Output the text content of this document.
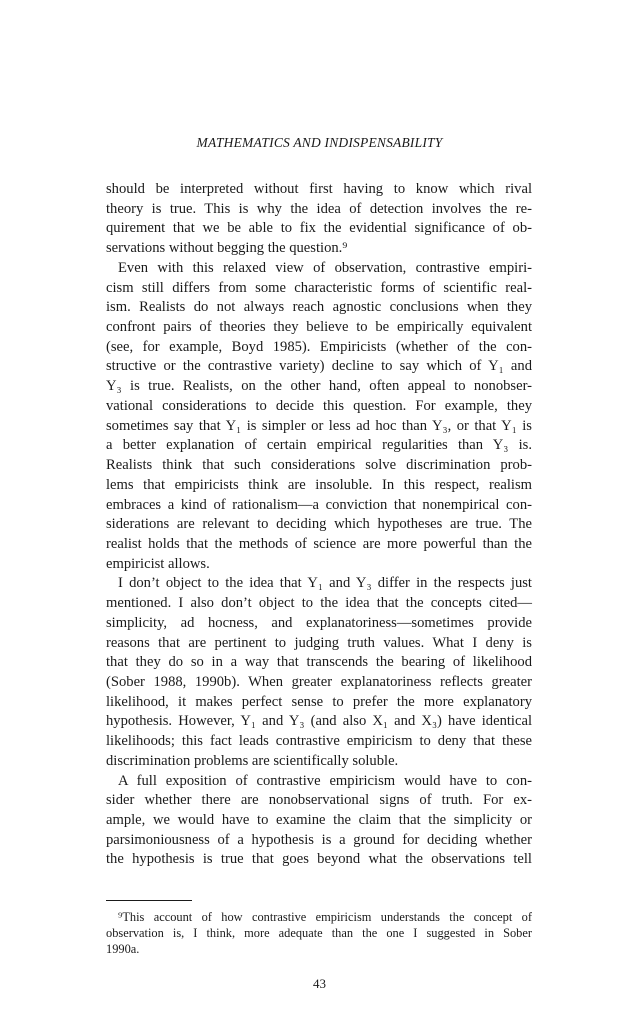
MATHEMATICS AND INDISPENSABILITY
should be interpreted without first having to know which rival
theory is true. This is why the idea of detection involves the re-
quirement that we be able to fix the evidential significance of ob-
servations without begging the question.⁹
Even with this relaxed view of observation, contrastive empiri-
cism still differs from some characteristic forms of scientific real-
ism. Realists do not always reach agnostic conclusions when they
confront pairs of theories they believe to be empirically equivalent
(see, for example, Boyd 1985). Empiricists (whether of the con-
structive or the contrastive variety) decline to say which of Y₁ and
Y₃ is true. Realists, on the other hand, often appeal to nonobser-
vational considerations to decide this question. For example, they
sometimes say that Y₁ is simpler or less ad hoc than Y₃, or that Y₁ is
a better explanation of certain empirical regularities than Y₃ is.
Realists think that such considerations solve discrimination prob-
lems that empiricists think are insoluble. In this respect, realism
embraces a kind of rationalism—a conviction that nonempirical con-
siderations are relevant to deciding which hypotheses are true. The
realist holds that the methods of science are more powerful than the
empiricist allows.
I don’t object to the idea that Y₁ and Y₃ differ in the respects just
mentioned. I also don’t object to the idea that the concepts cited—
simplicity, ad hocness, and explanatoriness—sometimes provide
reasons that are pertinent to judging truth values. What I deny is
that they do so in a way that transcends the bearing of likelihood
(Sober 1988, 1990b). When greater explanatoriness reflects greater
likelihood, it makes perfect sense to prefer the more explanatory
hypothesis. However, Y₁ and Y₃ (and also X₁ and X₃) have identical
likelihoods; this fact leads contrastive empiricism to deny that these
discrimination problems are scientifically soluble.
A full exposition of contrastive empiricism would have to con-
sider whether there are nonobservational signs of truth. For ex-
ample, we would have to examine the claim that the simplicity or
parsimoniousness of a hypothesis is a ground for deciding whether
the hypothesis is true that goes beyond what the observations tell
⁹This account of how contrastive empiricism understands the concept of
observation is, I think, more adequate than the one I suggested in Sober
1990a.
43
